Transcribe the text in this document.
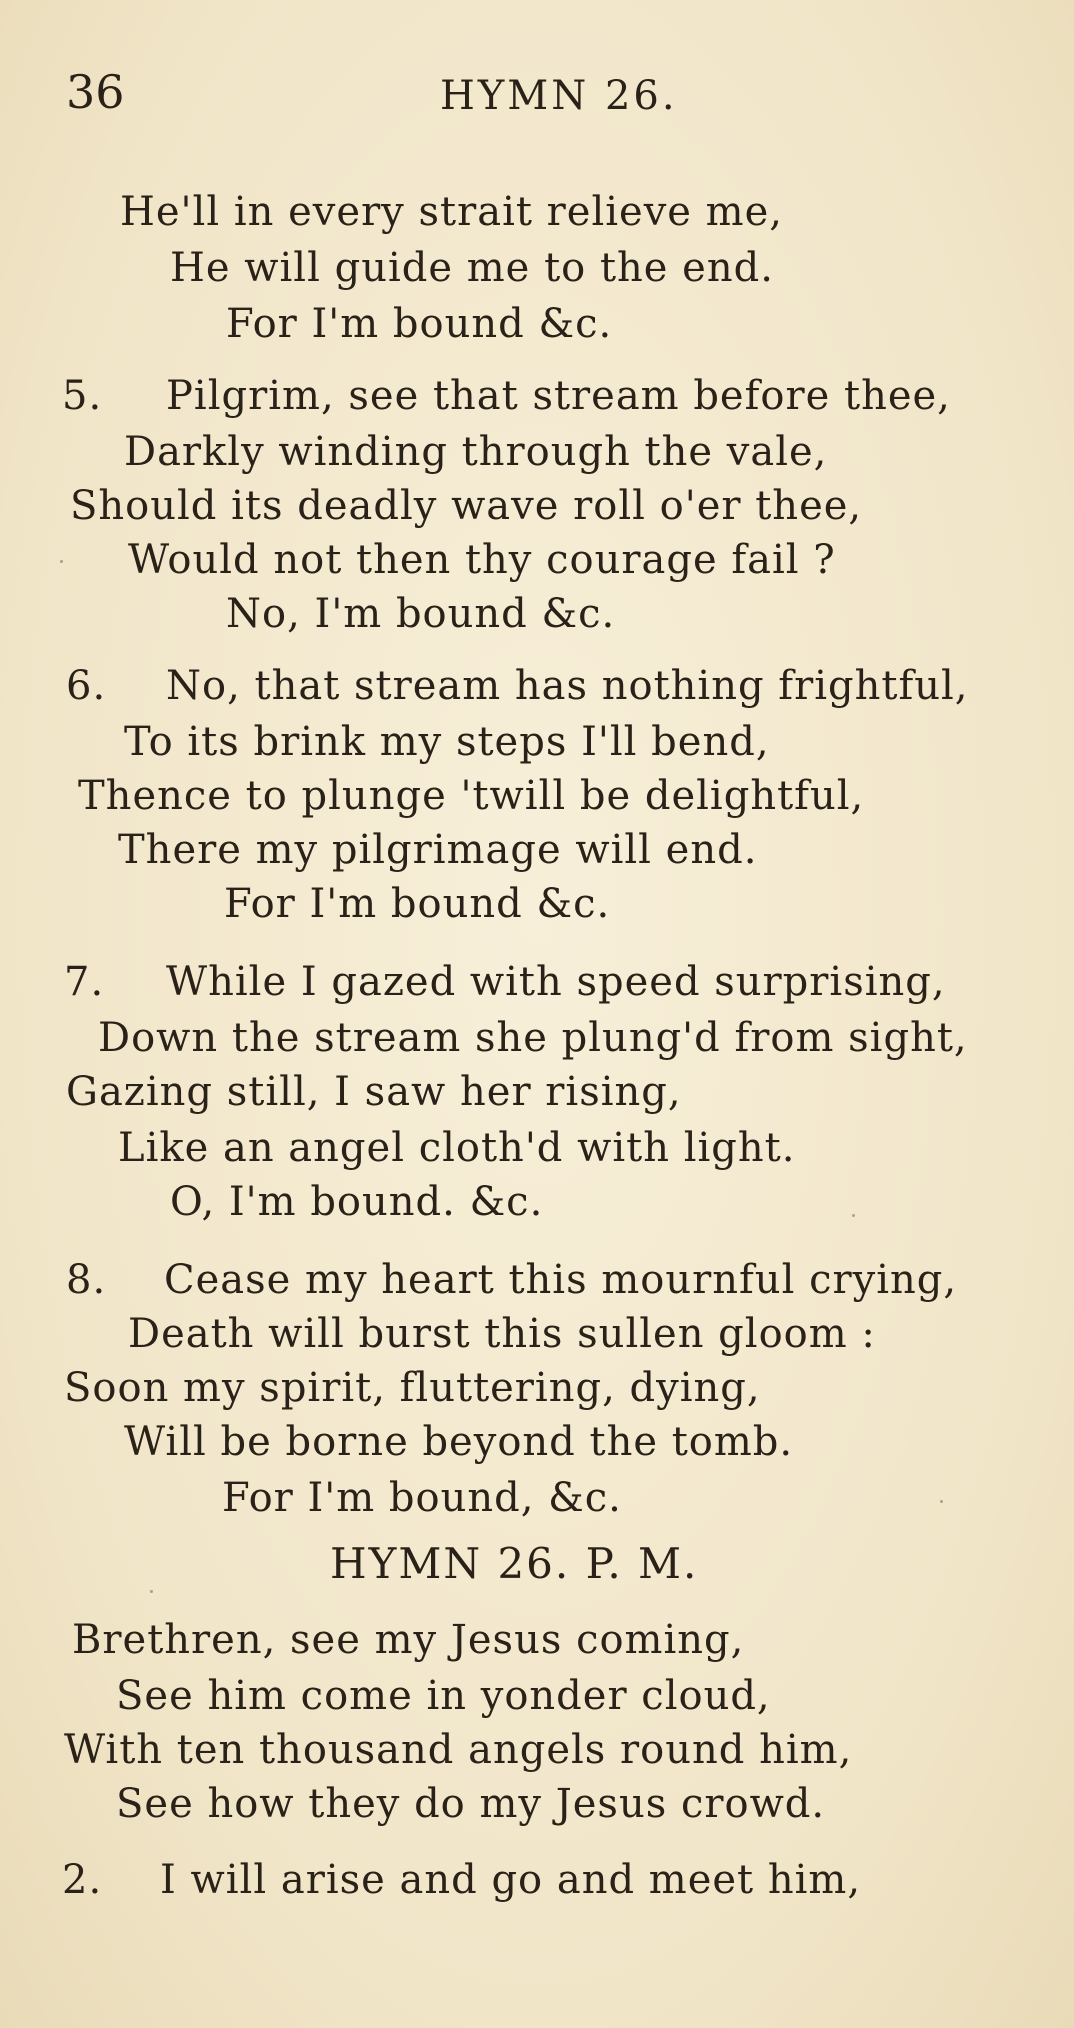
36	HYMN 26.
He'll in every strait relieve me,
He will guide me to the end.
For I'm bound &c.
5. Pilgrim, see that stream before thee,
Darkly winding through the vale,
Should its deadly wave roll o'er thee,
Would not then thy courage fail ?
No, I'm bound &c.
6. No, that stream has nothing frightful,
To its brink my steps I'll bend,
Thence to plunge 'twill be delightful,
There my pilgrimage will end.
For I'm bound &c.
7. While I gazed with speed surprising,
Down the stream she plung'd from sight,
Gazing still, I saw her rising,
Like an angel cloth'd with light.
O, I'm bound. &c.
8. Cease my heart this mournful crying,
Death will burst this sullen gloom :
Soon my spirit, fluttering, dying,
Will be borne beyond the tomb.
For I'm bound, &c.
HYMN 26. P. M.
Brethren, see my Jesus coming,
See him come in yonder cloud,
With ten thousand angels round him,
See how they do my Jesus crowd.
2. I will arise and go and meet him,
